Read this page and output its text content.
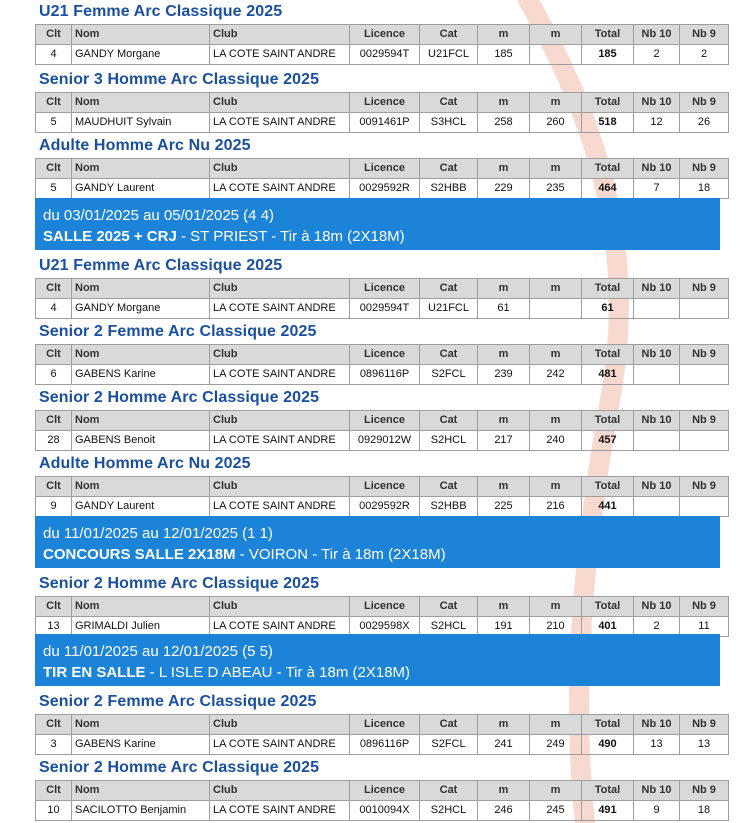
U21 Femme Arc Classique 2025
Clt	Nom	Club	Licence	Cat	m	m	Total	Nb 10	Nb 9
4	GANDY Morgane	LA COTE SAINT ANDRE	0029594T	U21FCL	185		185	2	2
Senior 3 Homme Arc Classique 2025
Clt	Nom	Club	Licence	Cat	m	m	Total	Nb 10	Nb 9
5	MAUDHUIT Sylvain	LA COTE SAINT ANDRE	0091461P	S3HCL	258	260	518	12	26
Adulte Homme Arc Nu 2025
Clt	Nom	Club	Licence	Cat	m	m	Total	Nb 10	Nb 9
5	GANDY Laurent	LA COTE SAINT ANDRE	0029592R	S2HBB	229	235	464	7	18
du 03/01/2025 au 05/01/2025 (4 4)
SALLE 2025 + CRJ - ST PRIEST - Tir à 18m (2X18M)
U21 Femme Arc Classique 2025
Clt	Nom	Club	Licence	Cat	m	m	Total	Nb 10	Nb 9
4	GANDY Morgane	LA COTE SAINT ANDRE	0029594T	U21FCL	61		61		
Senior 2 Femme Arc Classique 2025
Clt	Nom	Club	Licence	Cat	m	m	Total	Nb 10	Nb 9
6	GABENS Karine	LA COTE SAINT ANDRE	0896116P	S2FCL	239	242	481		
Senior 2 Homme Arc Classique 2025
Clt	Nom	Club	Licence	Cat	m	m	Total	Nb 10	Nb 9
28	GABENS Benoit	LA COTE SAINT ANDRE	0929012W	S2HCL	217	240	457		
Adulte Homme Arc Nu 2025
Clt	Nom	Club	Licence	Cat	m	m	Total	Nb 10	Nb 9
9	GANDY Laurent	LA COTE SAINT ANDRE	0029592R	S2HBB	225	216	441		
du 11/01/2025 au 12/01/2025 (1 1)
CONCOURS SALLE 2X18M - VOIRON - Tir à 18m (2X18M)
Senior 2 Homme Arc Classique 2025
Clt	Nom	Club	Licence	Cat	m	m	Total	Nb 10	Nb 9
13	GRIMALDI Julien	LA COTE SAINT ANDRE	0029598X	S2HCL	191	210	401	2	11
du 11/01/2025 au 12/01/2025 (5 5)
TIR EN SALLE - L ISLE D ABEAU - Tir à 18m (2X18M)
Senior 2 Femme Arc Classique 2025
Clt	Nom	Club	Licence	Cat	m	m	Total	Nb 10	Nb 9
3	GABENS Karine	LA COTE SAINT ANDRE	0896116P	S2FCL	241	249	490	13	13
Senior 2 Homme Arc Classique 2025
Clt	Nom	Club	Licence	Cat	m	m	Total	Nb 10	Nb 9
10	SACILOTTO Benjamin	LA COTE SAINT ANDRE	0010094X	S2HCL	246	245	491	9	18
